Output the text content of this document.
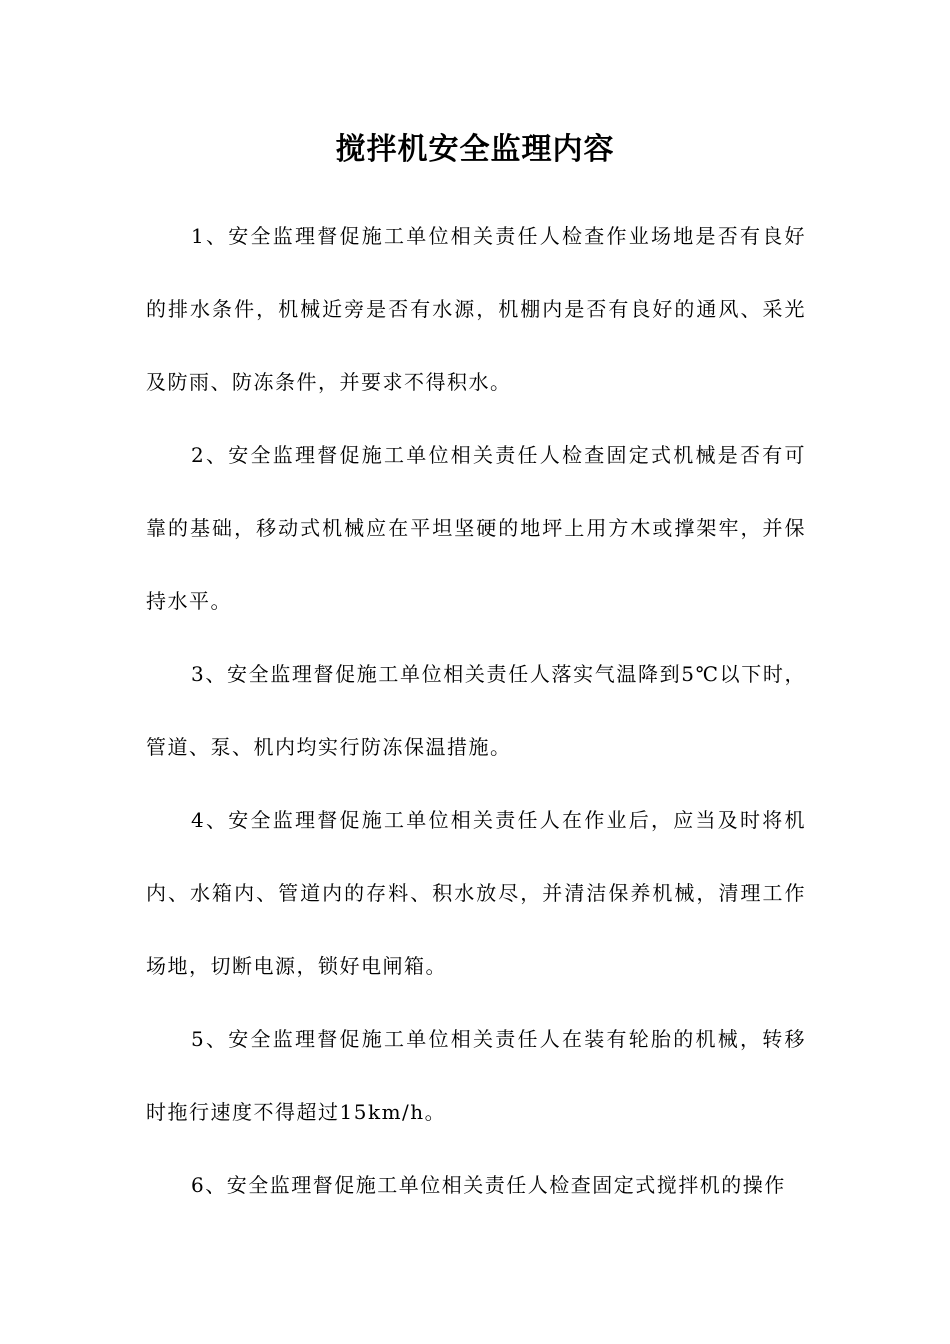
搅拌机安全监理内容

1、安全监理督促施工单位相关责任人检查作业场地是否有良好的排水条件，机械近旁是否有水源，机棚内是否有良好的通风、采光及防雨、防冻条件，并要求不得积水。

2、安全监理督促施工单位相关责任人检查固定式机械是否有可靠的基础，移动式机械应在平坦坚硬的地坪上用方木或撑架牢，并保持水平。

3、安全监理督促施工单位相关责任人落实气温降到5℃以下时，管道、泵、机内均实行防冻保温措施。

4、安全监理督促施工单位相关责任人在作业后，应当及时将机内、水箱内、管道内的存料、积水放尽，并清洁保养机械，清理工作场地，切断电源，锁好电闸箱。

5、安全监理督促施工单位相关责任人在装有轮胎的机械，转移时拖行速度不得超过15km/h。

6、安全监理督促施工单位相关责任人检查固定式搅拌机的操作
